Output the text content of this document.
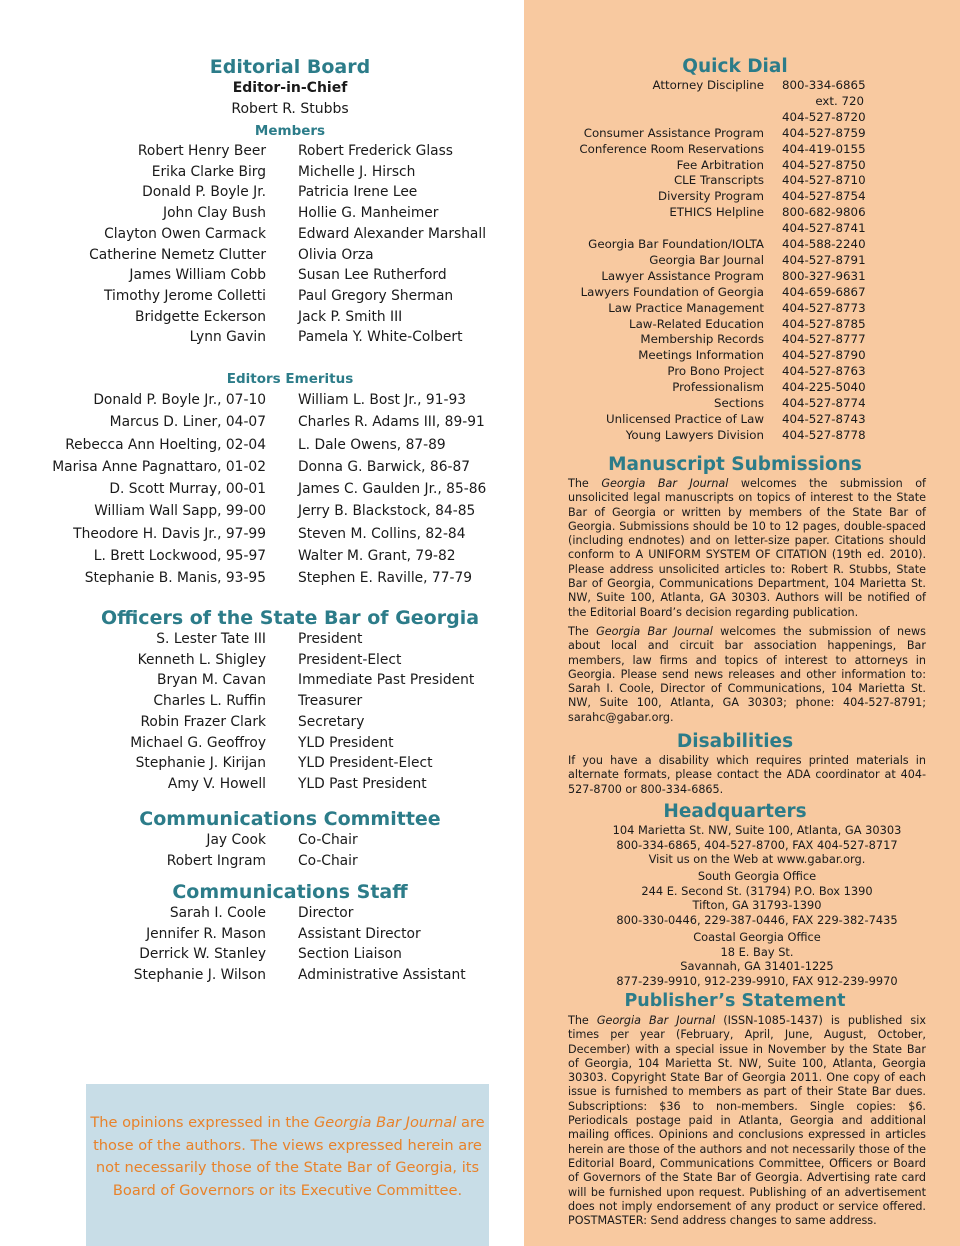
Editorial Board
Editor-in-Chief
Robert R. Stubbs
Members
Robert Henry Beer Robert Frederick Glass
Erika Clarke Birg Michelle J. Hirsch
Donald P. Boyle Jr. Patricia Irene Lee
John Clay Bush Hollie G. Manheimer
Clayton Owen Carmack Edward Alexander Marshall
Catherine Nemetz Clutter Olivia Orza
James William Cobb Susan Lee Rutherford
Timothy Jerome Colletti Paul Gregory Sherman
Bridgette Eckerson Jack P. Smith III
Lynn Gavin Pamela Y. White-Colbert
Editors Emeritus
Donald P. Boyle Jr., 07-10 William L. Bost Jr., 91-93
Marcus D. Liner, 04-07 Charles R. Adams III, 89-91
Rebecca Ann Hoelting, 02-04 L. Dale Owens, 87-89
Marisa Anne Pagnattaro, 01-02 Donna G. Barwick, 86-87
D. Scott Murray, 00-01 James C. Gaulden Jr., 85-86
William Wall Sapp, 99-00 Jerry B. Blackstock, 84-85
Theodore H. Davis Jr., 97-99 Steven M. Collins, 82-84
L. Brett Lockwood, 95-97 Walter M. Grant, 79-82
Stephanie B. Manis, 93-95 Stephen E. Raville, 77-79
Officers of the State Bar of Georgia
S. Lester Tate III President
Kenneth L. Shigley President-Elect
Bryan M. Cavan Immediate Past President
Charles L. Ruffin Treasurer
Robin Frazer Clark Secretary
Michael G. Geoffroy YLD President
Stephanie J. Kirijan YLD President-Elect
Amy V. Howell YLD Past President
Communications Committee
Jay Cook Co-Chair
Robert Ingram Co-Chair
Communications Staff
Sarah I. Coole Director
Jennifer R. Mason Assistant Director
Derrick W. Stanley Section Liaison
Stephanie J. Wilson Administrative Assistant

The opinions expressed in the Georgia Bar Journal are those of the authors. The views expressed herein are not necessarily those of the State Bar of Georgia, its Board of Governors or its Executive Committee.

Quick Dial
Attorney Discipline 800-334-6865
ext. 720
404-527-8720
Consumer Assistance Program 404-527-8759
Conference Room Reservations 404-419-0155
Fee Arbitration 404-527-8750
CLE Transcripts 404-527-8710
Diversity Program 404-527-8754
ETHICS Helpline 800-682-9806
404-527-8741
Georgia Bar Foundation/IOLTA 404-588-2240
Georgia Bar Journal 404-527-8791
Lawyer Assistance Program 800-327-9631
Lawyers Foundation of Georgia 404-659-6867
Law Practice Management 404-527-8773
Law-Related Education 404-527-8785
Membership Records 404-527-8777
Meetings Information 404-527-8790
Pro Bono Project 404-527-8763
Professionalism 404-225-5040
Sections 404-527-8774
Unlicensed Practice of Law 404-527-8743
Young Lawyers Division 404-527-8778
Manuscript Submissions
The Georgia Bar Journal welcomes the submission of unsolicited legal manuscripts on topics of interest to the State Bar of Georgia or written by members of the State Bar of Georgia. Submissions should be 10 to 12 pages, double-spaced (including endnotes) and on letter-size paper. Citations should conform to A UNIFORM SYSTEM OF CITATION (19th ed. 2010). Please address unsolicited articles to: Robert R. Stubbs, State Bar of Georgia, Communications Department, 104 Marietta St. NW, Suite 100, Atlanta, GA 30303. Authors will be notified of the Editorial Board’s decision regarding publication.
The Georgia Bar Journal welcomes the submission of news about local and circuit bar association happenings, Bar members, law firms and topics of interest to attorneys in Georgia. Please send news releases and other information to: Sarah I. Coole, Director of Communications, 104 Marietta St. NW, Suite 100, Atlanta, GA 30303; phone: 404-527-8791; sarahc@gabar.org.
Disabilities
If you have a disability which requires printed materials in alternate formats, please contact the ADA coordinator at 404-527-8700 or 800-334-6865.
Headquarters
104 Marietta St. NW, Suite 100, Atlanta, GA 30303
800-334-6865, 404-527-8700, FAX 404-527-8717
Visit us on the Web at www.gabar.org.
South Georgia Office
244 E. Second St. (31794) P.O. Box 1390
Tifton, GA 31793-1390
800-330-0446, 229-387-0446, FAX 229-382-7435
Coastal Georgia Office
18 E. Bay St.
Savannah, GA 31401-1225
877-239-9910, 912-239-9910, FAX 912-239-9970
Publisher’s Statement
The Georgia Bar Journal (ISSN-1085-1437) is published six times per year (February, April, June, August, October, December) with a special issue in November by the State Bar of Georgia, 104 Marietta St. NW, Suite 100, Atlanta, Georgia 30303. Copyright State Bar of Georgia 2011. One copy of each issue is furnished to members as part of their State Bar dues. Subscriptions: $36 to non-members. Single copies: $6. Periodicals postage paid in Atlanta, Georgia and additional mailing offices. Opinions and conclusions expressed in articles herein are those of the authors and not necessarily those of the Editorial Board, Communications Committee, Officers or Board of Governors of the State Bar of Georgia. Advertising rate card will be furnished upon request. Publishing of an advertisement does not imply endorsement of any product or service offered. POSTMASTER: Send address changes to same address.
